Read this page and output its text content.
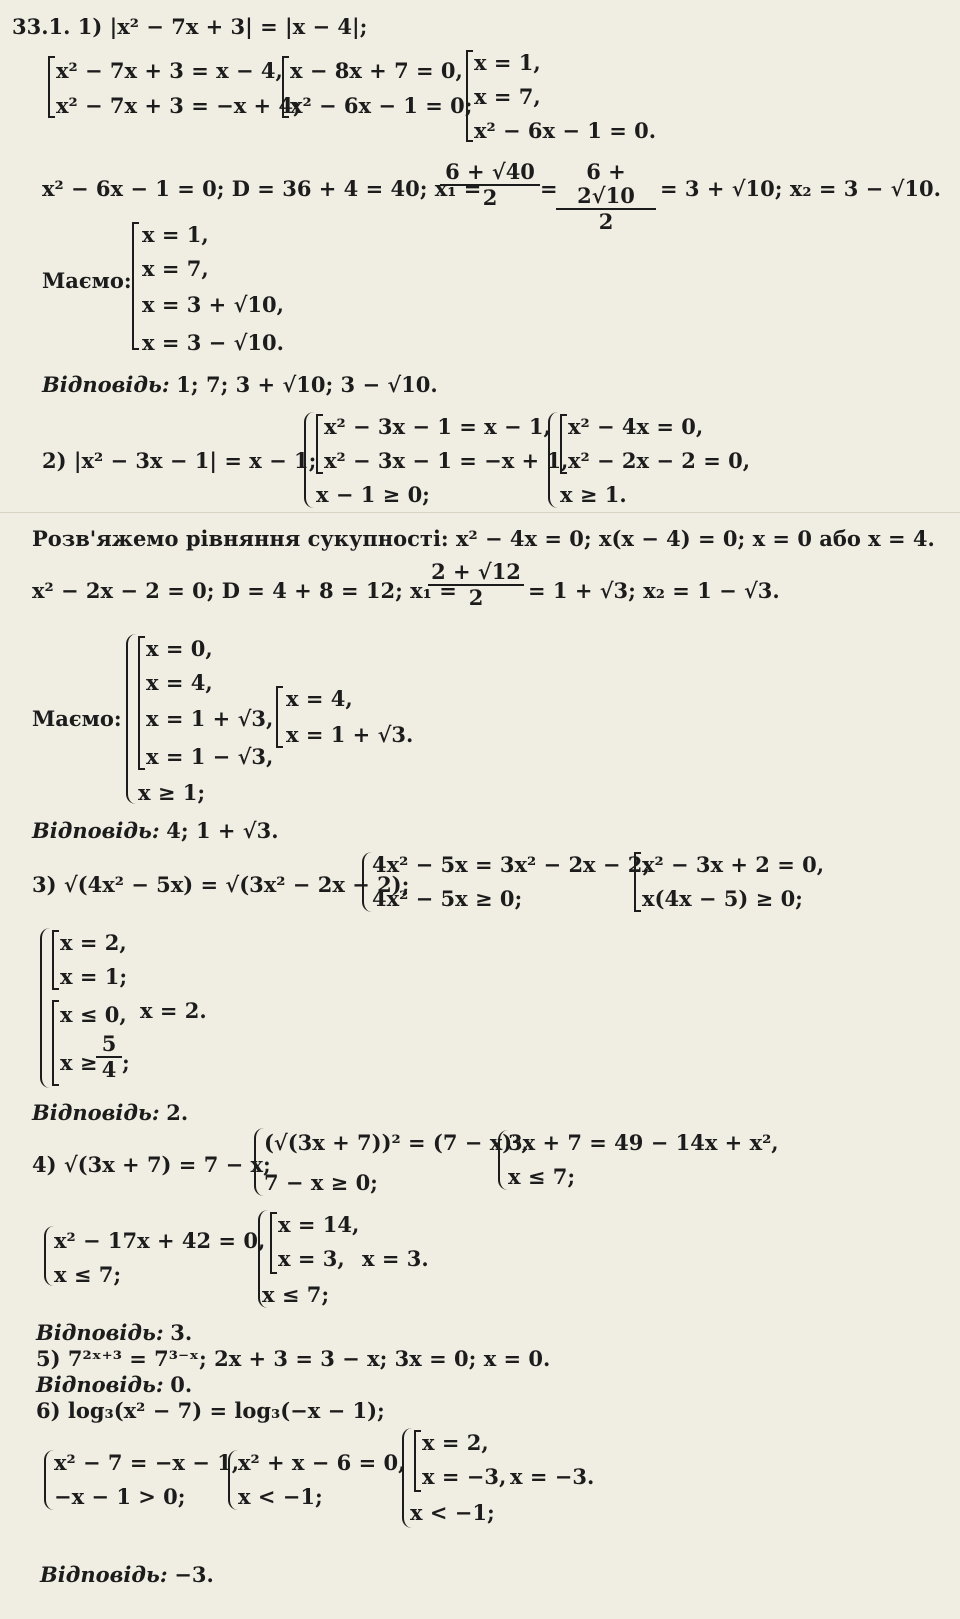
33.1. 1) |x² − 7x + 3| = |x − 4|;
x² − 7x + 3 = x − 4,
x² − 7x + 3 = −x + 4;
x − 8x + 7 = 0,
x² − 6x − 1 = 0;
x = 1,
x = 7,
x² − 6x − 1 = 0.
x² − 6x − 1 = 0; D = 36 + 4 = 40; x₁ =
$\frac{6 + √40}{2}$ =
$\frac{6 + 2√10}{2} = 3 + √10$; x₂ = 3 − √10.
Маємо:
x = 1,
x = 7,
x = 3 + √10,
x = 3 − √10.
Відповідь: 1; 7; 3 + √10; 3 − √10.
2) |x² − 3x − 1| = x − 1;
x² − 3x − 1 = x − 1,
x² − 3x − 1 = −x + 1,
x − 1 ≥ 0;
x² − 4x = 0,
x² − 2x − 2 = 0,
x ≥ 1.
Розв'яжемо рівняння сукупності: x² − 4x = 0; x(x − 4) = 0; x = 0 або x = 4.
x² − 2x − 2 = 0; D = 4 + 8 = 12; x₁ =
$\frac{2 + √12}{2} = 1 + √3$; x₂ = 1 − √3.
Маємо:
x = 0,
x = 4,
x = 1 + √3,
x = 1 − √3,
x ≥ 1;
x = 4,
x = 1 + √3.
Відповідь: 4; 1 + √3.
3) √(4x² − 5x) = √(3x² − 2x − 2);
4x² − 5x = 3x² − 2x − 2;
4x² − 5x ≥ 0;
x² − 3x + 2 = 0,
x(4x − 5) ≥ 0;
x = 2,
x = 1;
x ≤ 0,
x ≥
$\frac{5}{4}$ ;
x = 2.
Відповідь: 2.
4) √(3x + 7) = 7 − x;
(√(3x + 7))² = (7 − x)²,
7 − x ≥ 0;
3x + 7 = 49 − 14x + x²,
x ≤ 7;
x² − 17x + 42 = 0,
x ≤ 7;
x = 14,
x = 3,
x ≤ 7;
x = 3.
Відповідь: 3.
5) 7²ˣ⁺³ = 7³⁻ˣ; 2x + 3 = 3 − x; 3x = 0; x = 0.
Відповідь: 0.
6) log₃(x² − 7) = log₃(−x − 1);
x² − 7 = −x − 1,
−x − 1 > 0;
x² + x − 6 = 0,
x < −1;
x = 2,
x = −3,
x < −1;
x = −3.
Відповідь: −3.
